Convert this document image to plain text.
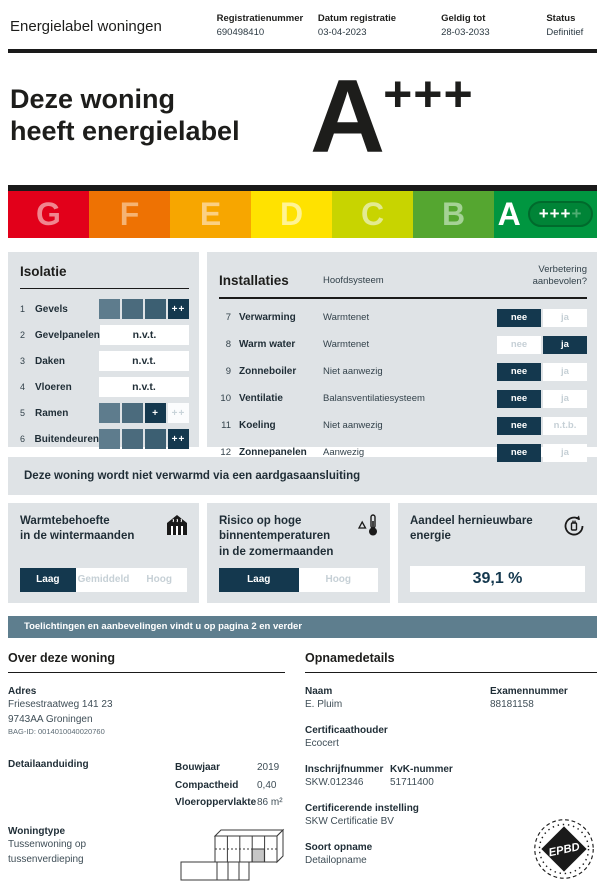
Energielabel woningen	Registratienummer
690498410
Datum registratie
03-04-2023
Geldig tot
28-03-2033
Status
Definitief
Deze woning
heeft energielabel A +++
G F E D C B A +++ +
Isolatie
1 Gevels	++
2 Gevelpanelen	n.v.t.
3 Daken	n.v.t.
4 Vloeren	n.v.t.
5 Ramen	+	++
6 Buitendeuren	++
Installaties	Hoofdsysteem
Verbetering
aanbevolen?
7 Verwarming	Warmtenet	nee	ja
8 Warm water	Warmtenet	nee	ja
9 Zonneboiler	Niet aanwezig	nee	ja
10 Ventilatie	Balansventilatiesysteem	nee	ja
11 Koeling	Niet aanwezig	nee	n.t.b.
12 Zonnepanelen	Aanwezig	nee	ja
Deze woning wordt niet verwarmd via een aardgasaansluiting
Warmtebehoefte
in de wintermaanden
Laag	Gemiddeld	Hoog
Risico op hoge
binnentemperaturen
in de zomermaanden
Laag	Hoog
Aandeel hernieuwbare
energie
39,1 %
Toelichtingen en aanbevelingen vindt u op pagina 2 en verder
Over deze woning
Adres
Friesestraatweg 141 23
9743AA Groningen
BAG-ID: 0014010040020760
Detailaanduiding	Bouwjaar	2019
Compactheid	0,40
Vloeroppervlakte 86 m²
Woningtype
Tussenwoning op
tussenverdieping
Opnamedetails
Naam
E. Pluim
Examennummer
88181158
Certificaathouder
Ecocert
Inschrijfnummer
SKW.012346
KvK-nummer
51711400
Certificerende instelling
SKW Certificatie BV
Soort opname
Detailopname
EPBD
